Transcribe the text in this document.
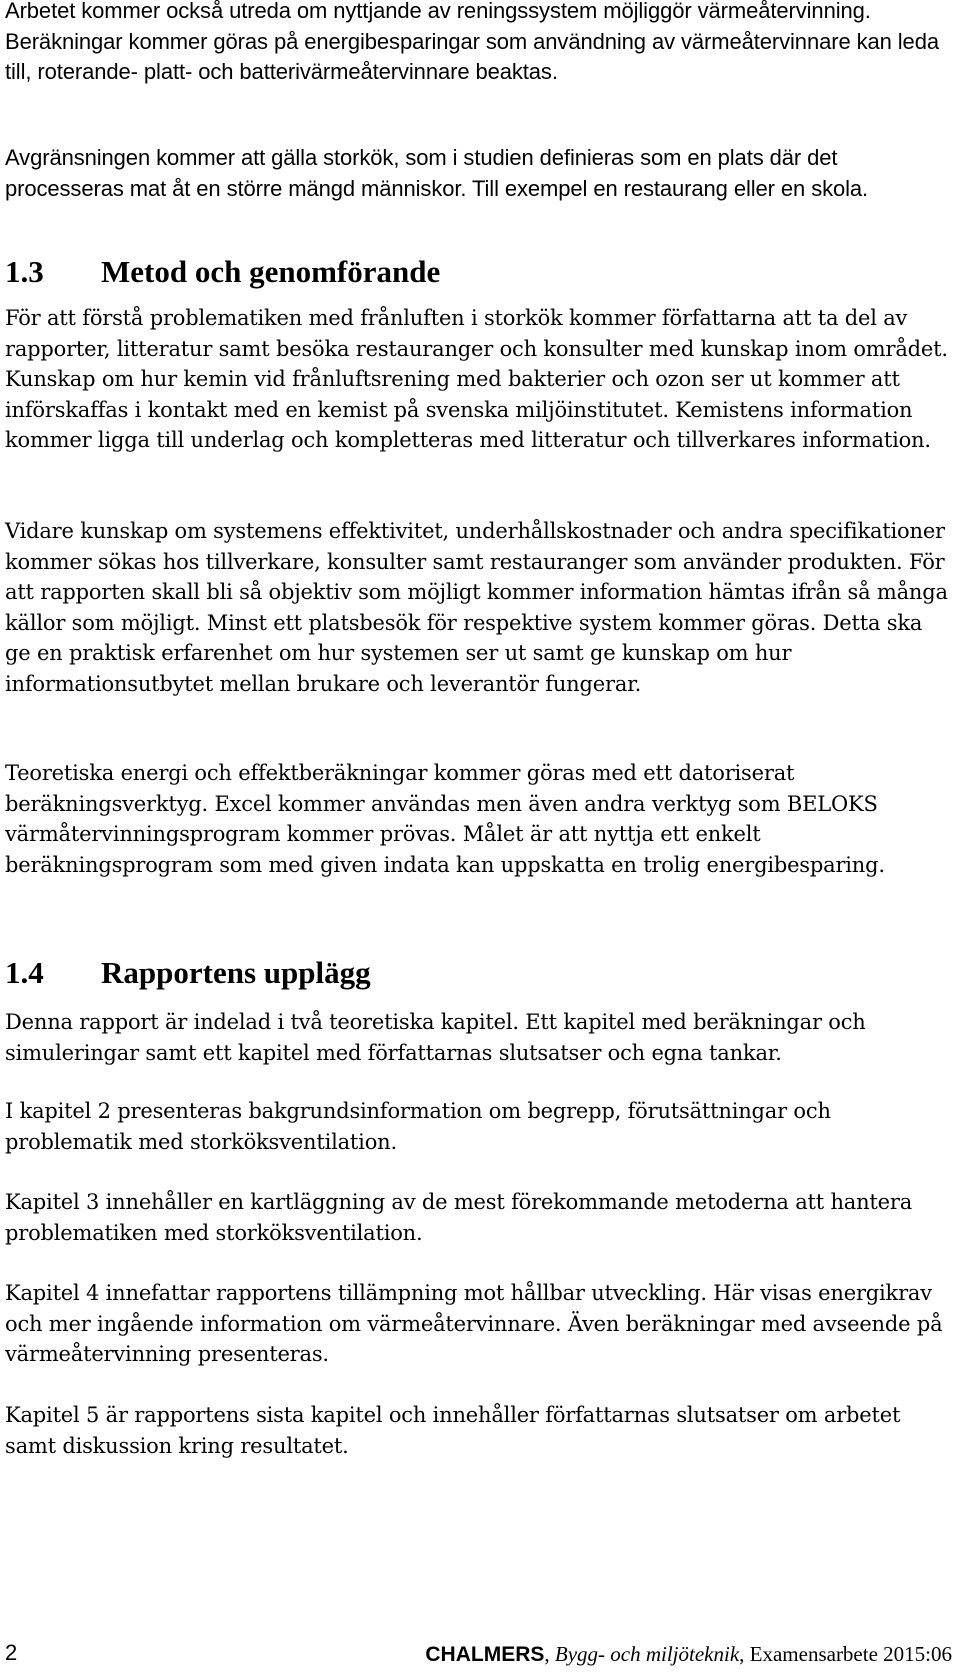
Arbetet kommer också utreda om nyttjande av reningssystem möjliggör värmeåtervinning. Beräkningar kommer göras på energibesparingar som användning av värmeåtervinnare kan leda till, roterande- platt- och batterivärmeåtervinnare beaktas.

Avgränsningen kommer att gälla storkök, som i studien definieras som en plats där det processeras mat åt en större mängd människor. Till exempel en restaurang eller en skola.

1.3 Metod och genomförande

För att förstå problematiken med frånluften i storkök kommer författarna att ta del av rapporter, litteratur samt besöka restauranger och konsulter med kunskap inom området. Kunskap om hur kemin vid frånluftsrening med bakterier och ozon ser ut kommer att införskaffas i kontakt med en kemist på svenska miljöinstitutet. Kemistens information kommer ligga till underlag och kompletteras med litteratur och tillverkares information.

Vidare kunskap om systemens effektivitet, underhållskostnader och andra specifikationer kommer sökas hos tillverkare, konsulter samt restauranger som använder produkten. För att rapporten skall bli så objektiv som möjligt kommer information hämtas ifrån så många källor som möjligt. Minst ett platsbesök för respektive system kommer göras. Detta ska ge en praktisk erfarenhet om hur systemen ser ut samt ge kunskap om hur informationsutbytet mellan brukare och leverantör fungerar.

Teoretiska energi och effektberäkningar kommer göras med ett datoriserat beräkningsverktyg. Excel kommer användas men även andra verktyg som BELOKS värmåtervinningsprogram kommer prövas. Målet är att nyttja ett enkelt beräkningsprogram som med given indata kan uppskatta en trolig energibesparing.

1.4 Rapportens upplägg

Denna rapport är indelad i två teoretiska kapitel. Ett kapitel med beräkningar och simuleringar samt ett kapitel med författarnas slutsatser och egna tankar.

I kapitel 2 presenteras bakgrundsinformation om begrepp, förutsättningar och problematik med storköksventilation.

Kapitel 3 innehåller en kartläggning av de mest förekommande metoderna att hantera problematiken med storköksventilation.

Kapitel 4 innefattar rapportens tillämpning mot hållbar utveckling. Här visas energikrav och mer ingående information om värmeåtervinnare. Även beräkningar med avseende på värmeåtervinning presenteras.

Kapitel 5 är rapportens sista kapitel och innehåller författarnas slutsatser om arbetet samt diskussion kring resultatet.

2	CHALMERS, Bygg- och miljöteknik, Examensarbete 2015:06
